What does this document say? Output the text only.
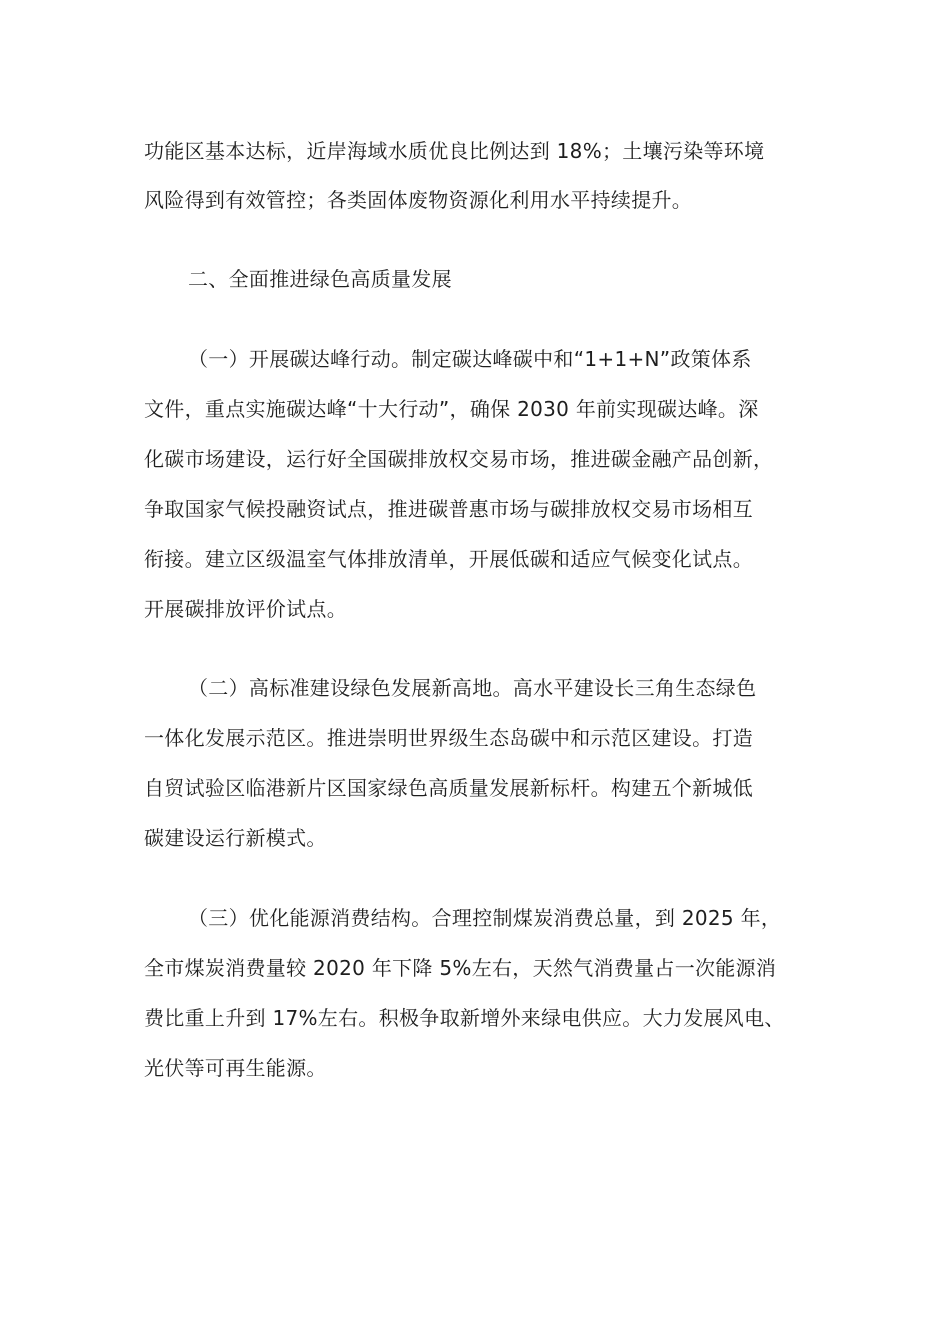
功能区基本达标，近岸海域水质优良比例达到 18%；土壤污染等环境
风险得到有效管控；各类固体废物资源化利用水平持续提升。
二、全面推进绿色高质量发展
（一）开展碳达峰行动。制定碳达峰碳中和“1+1+N”政策体系
文件，重点实施碳达峰“十大行动”，确保 2030 年前实现碳达峰。深
化碳市场建设，运行好全国碳排放权交易市场，推进碳金融产品创新，
争取国家气候投融资试点，推进碳普惠市场与碳排放权交易市场相互
衔接。建立区级温室气体排放清单，开展低碳和适应气候变化试点。
开展碳排放评价试点。
（二）高标准建设绿色发展新高地。高水平建设长三角生态绿色
一体化发展示范区。推进崇明世界级生态岛碳中和示范区建设。打造
自贸试验区临港新片区国家绿色高质量发展新标杆。构建五个新城低
碳建设运行新模式。
（三）优化能源消费结构。合理控制煤炭消费总量，到 2025 年，
全市煤炭消费量较 2020 年下降 5%左右，天然气消费量占一次能源消
费比重上升到 17%左右。积极争取新增外来绿电供应。大力发展风电、
光伏等可再生能源。
